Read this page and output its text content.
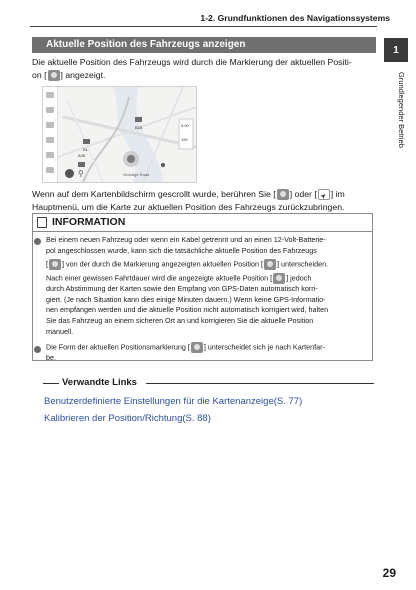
1-2. Grundfunktionen des Navigationssystems
1
Grundlegender Betrieb
Aktuelle Position des Fahrzeugs anzeigen
Die aktuelle Position des Fahrzeugs wird durch die Markierung der aktuellen Positi-
on [ ] angezeigt.
⚲
B1
A35
B28
Gründge Road
5.00
190
Wenn auf dem Kartenbildschirm gescrollt wurde, berühren Sie [ ] oder [➤ ] im
Hauptmenü, um die Karte zur aktuellen Position des Fahrzeugs zurückzubringen.
INFORMATION
Bei einem neuen Fahrzeug oder wenn ein Kabel getrennt und an einen 12-Volt-Batterie-
pol angeschlossen wurde, kann sich die tatsächliche aktuelle Position des Fahrzeugs
[ ] von der durch die Markierung angezeigten aktuellen Position [ ] unterscheiden.
Nach einer gewissen Fahrtdauer wird die angezeigte aktuelle Position [ ] jedoch
durch Abstimmung der Karten sowie den Empfang von GPS-Daten automatisch korri-
giert. (Je nach Situation kann dies einige Minuten dauern.) Wenn keine GPS-Informatio-
nen empfangen werden und die aktuelle Position nicht automatisch korrigiert wird, halten
Sie das Fahrzeug an einem sicheren Ort an und korrigieren Sie die aktuelle Position
manuell.
Die Form der aktuellen Positionsmarkierung [ ] unterscheidet sich je nach Kartenfar-
be.
Verwandte Links
Benutzerdefinierte Einstellungen für die Kartenanzeige(S. 77)
Kalibrieren der Position/Richtung(S. 88)
29
